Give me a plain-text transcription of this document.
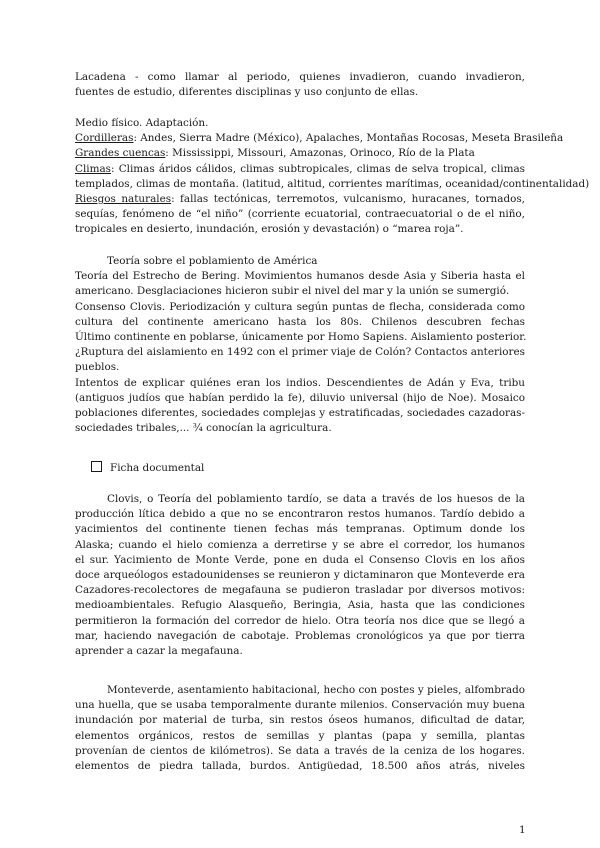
Lacadena - como llamar al periodo, quienes invadieron, cuando invadieron,
fuentes de estudio, diferentes disciplinas y uso conjunto de ellas.
Medio físico. Adaptación.
Cordilleras: Andes, Sierra Madre (México), Apalaches, Montañas Rocosas, Meseta Brasileña
Grandes cuencas: Mississippi, Missouri, Amazonas, Orinoco, Río de la Plata
Climas: Climas áridos cálidos, climas subtropicales, climas de selva tropical, climas
templados, climas de montaña. (latitud, altitud, corrientes marítimas, oceanidad/continentalidad)
Riesgos naturales: fallas tectónicas, terremotos, vulcanismo, huracanes, tornados,
sequías, fenómeno de “el niño” (corriente ecuatorial, contraecuatorial o de el niño,
tropicales en desierto, inundación, erosión y devastación) o “marea roja”.
Teoría sobre el poblamiento de América
Teoría del Estrecho de Bering. Movimientos humanos desde Asia y Siberia hasta el
americano. Desglaciaciones hicieron subir el nivel del mar y la unión se sumergió.
Consenso Clovis. Periodización y cultura según puntas de flecha, considerada como
cultura del continente americano hasta los 80s. Chilenos descubren fechas
Último continente en poblarse, únicamente por Homo Sapiens. Aislamiento posterior.
¿Ruptura del aislamiento en 1492 con el primer viaje de Colón? Contactos anteriores
pueblos.
Intentos de explicar quiénes eran los indios. Descendientes de Adán y Eva, tribu
(antiguos judíos que habían perdido la fe), diluvio universal (hijo de Noe). Mosaico
poblaciones diferentes, sociedades complejas y estratificadas, sociedades cazadoras-
sociedades tribales,... ¾ conocían la agricultura.
Ficha documental
Clovis, o Teoría del poblamiento tardío, se data a través de los huesos de la
producción lítica debido a que no se encontraron restos humanos. Tardío debido a
yacimientos del continente tienen fechas más tempranas. Optimum donde los
Alaska; cuando el hielo comienza a derretirse y se abre el corredor, los humanos
el sur. Yacimiento de Monte Verde, pone en duda el Consenso Clovis en los años
doce arqueólogos estadounidenses se reunieron y dictaminaron que Monteverde era
Cazadores-recolectores de megafauna se pudieron trasladar por diversos motivos:
medioambientales. Refugio Alasqueño, Beringia, Asia, hasta que las condiciones
permitieron la formación del corredor de hielo. Otra teoría nos dice que se llegó a
mar, haciendo navegación de cabotaje. Problemas cronológicos ya que por tierra
aprender a cazar la megafauna.
Monteverde, asentamiento habitacional, hecho con postes y pieles, alfombrado
una huella, que se usaba temporalmente durante milenios. Conservación muy buena
inundación por material de turba, sin restos óseos humanos, dificultad de datar,
elementos orgánicos, restos de semillas y plantas (papa y semilla, plantas
provenían de cientos de kilómetros). Se data a través de la ceniza de los hogares.
elementos de piedra tallada, burdos. Antigüedad, 18.500 años atrás, niveles
1
